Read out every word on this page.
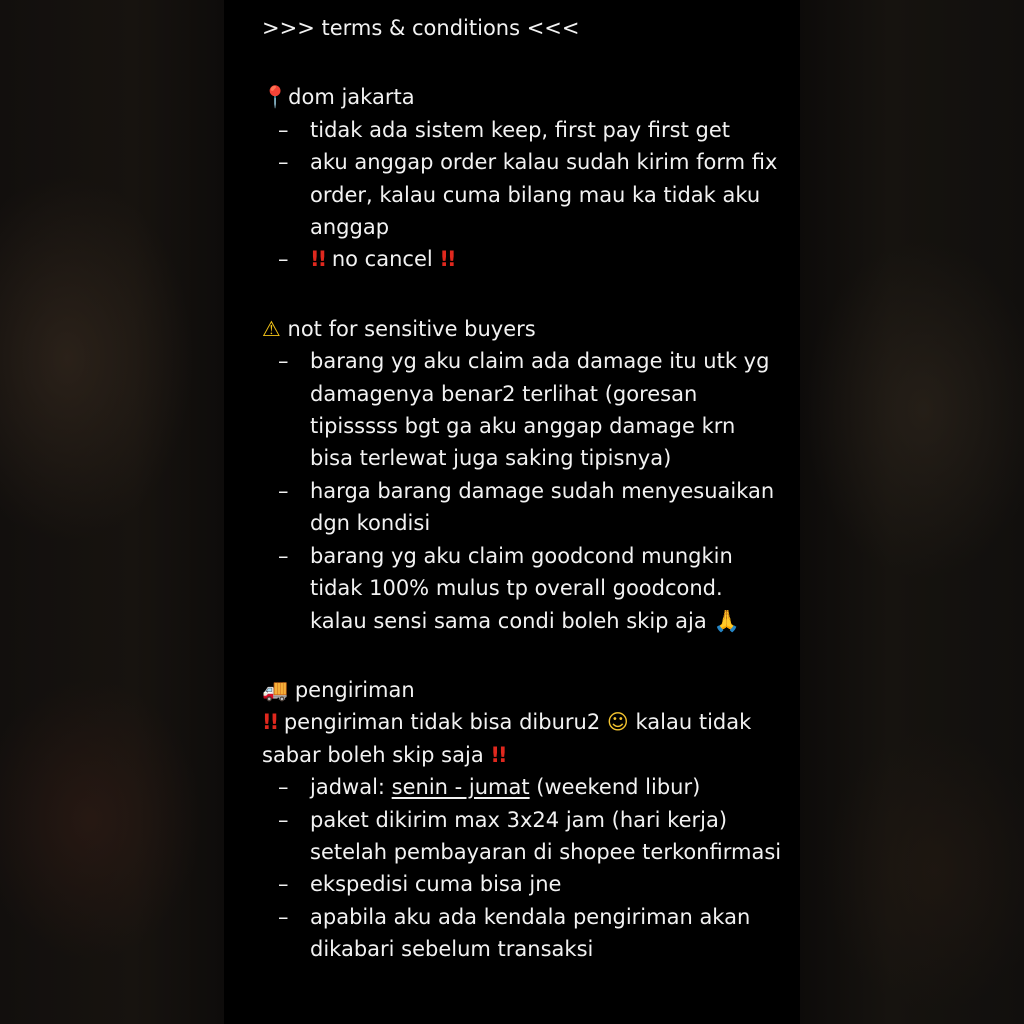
>>> terms & conditions <<<
📍dom jakarta
– tidak ada sistem keep, first pay first get
– aku anggap order kalau sudah kirim form fix order, kalau cuma bilang mau ka tidak aku anggap
– !! no cancel !!
⚠ not for sensitive buyers
– barang yg aku claim ada damage itu utk yg damagenya benar2 terlihat (goresan tipisssss bgt ga aku anggap damage krn bisa terlewat juga saking tipisnya)
– harga barang damage sudah menyesuaikan dgn kondisi
– barang yg aku claim goodcond mungkin tidak 100% mulus tp overall goodcond. kalau sensi sama condi boleh skip aja 🙏
🚚 pengiriman
!! pengiriman tidak bisa diburu2 ☺ kalau tidak sabar boleh skip saja !!
– jadwal: senin - jumat (weekend libur)
– paket dikirim max 3x24 jam (hari kerja) setelah pembayaran di shopee terkonfirmasi
– ekspedisi cuma bisa jne
– apabila aku ada kendala pengiriman akan dikabari sebelum transaksi
